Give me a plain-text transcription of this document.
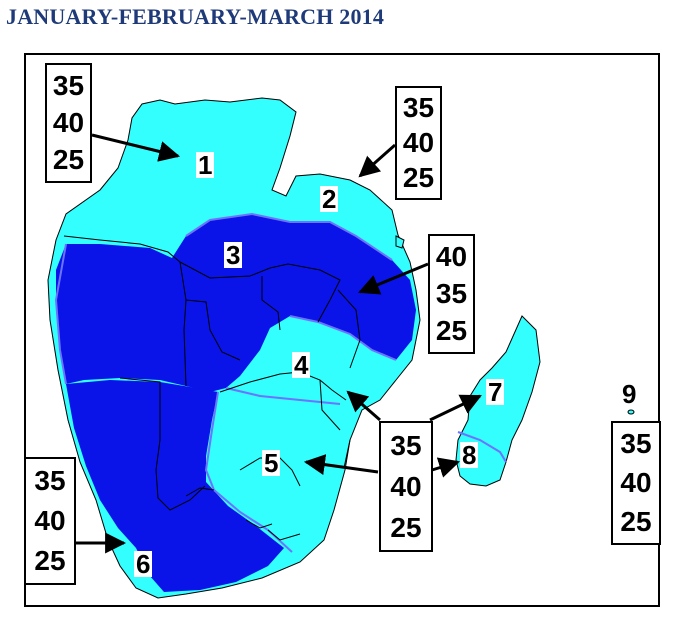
JANUARY-FEBRUARY-MARCH 2014
1
2
3
4
5
6
7
8
9
35
40
25
35
40
25
40
35
25
35
40
25
35
40
25
35
40
25
